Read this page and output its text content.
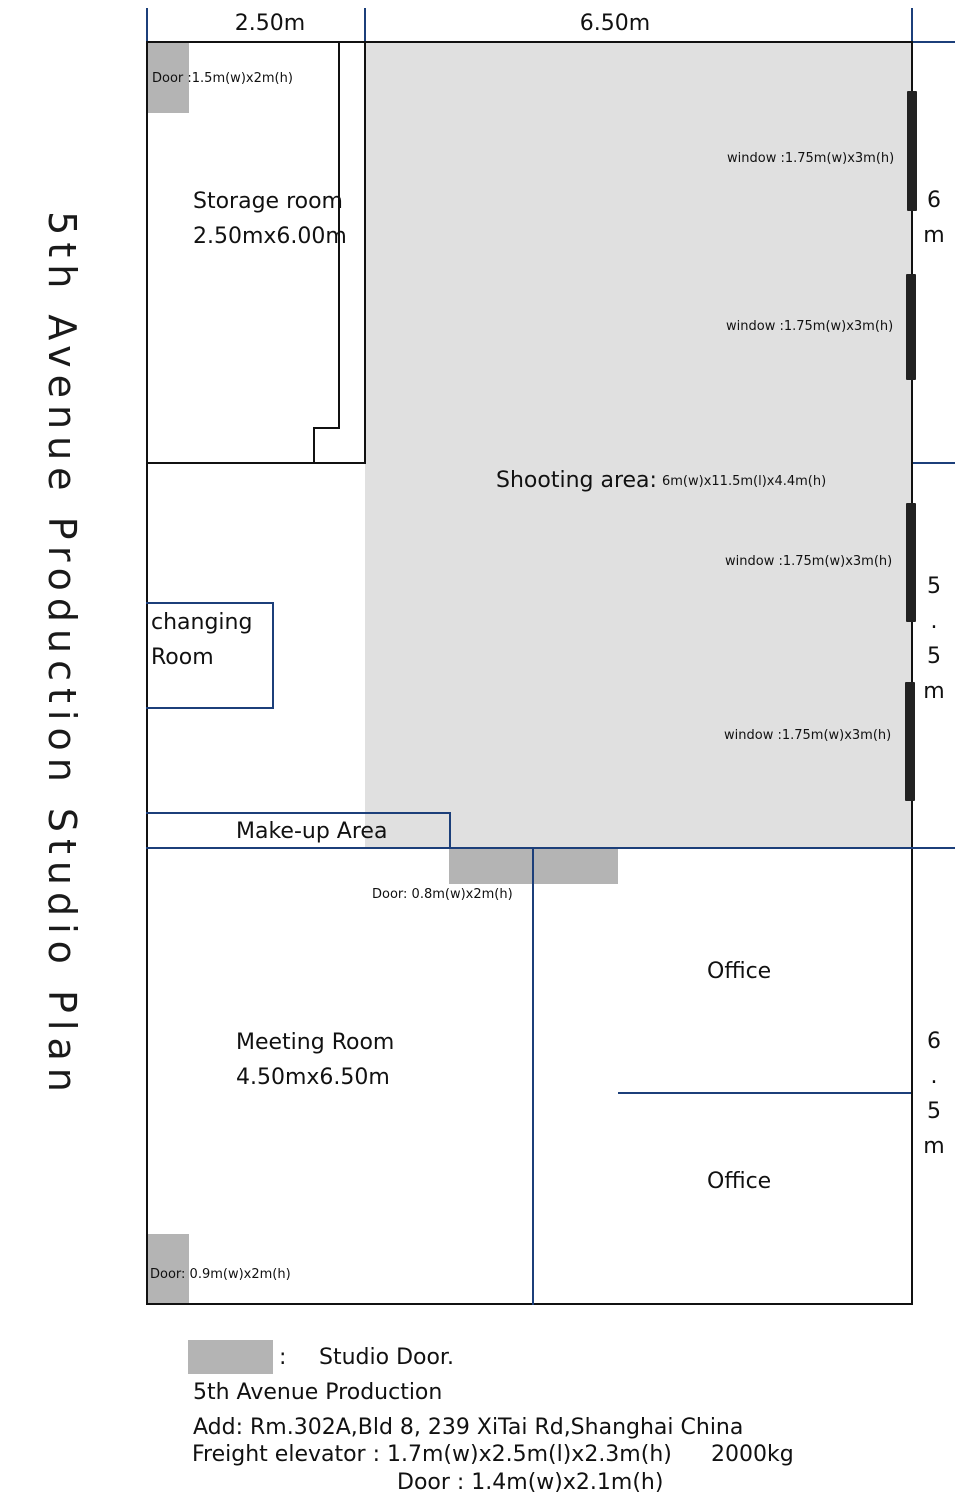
5th Avenue Production Studio Plan
2.50m	6.50m
6
m
5
.
5
m
6
.
5
m
Door :1.5m(w)x2m(h)
Storage room
2.50mx6.00m
window :1.75m(w)x3m(h)
window :1.75m(w)x3m(h)
window :1.75m(w)x3m(h)
window :1.75m(w)x3m(h)
Shooting area: 6m(w)x11.5m(l)x4.4m(h)
changing
Room
Make-up Area
Door: 0.8m(w)x2m(h)
Office
Office
Meeting Room
4.50mx6.50m
Door: 0.9m(w)x2m(h)
: Studio Door.
5th Avenue Production
Add: Rm.302A,Bld 8, 239 XiTai Rd,Shanghai China
Freight elevator : 1.7m(w)x2.5m(l)x2.3m(h) 2000kg
Door : 1.4m(w)x2.1m(h)
